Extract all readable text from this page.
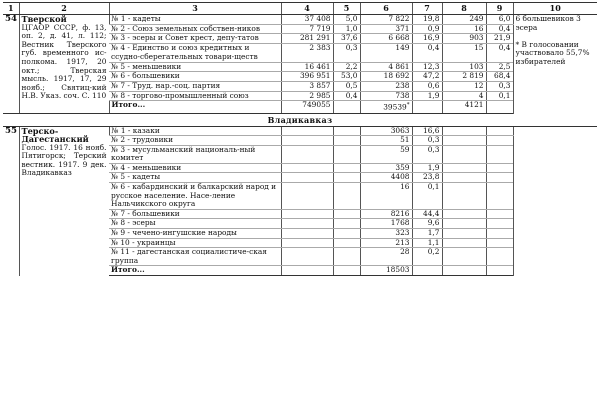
1	2	3	4	5	6	7	8	9	10
54	Тверской
ЦГАОР СССР, ф. 13, оп. 2, д. 41, л. 112; Вестник Тверского губ. временного ис-полкома. 1917, 20 окт.; Тверская мысль. 1917, 17, 29 нояб.; Святиц-кий Н.В. Указ. соч. С. 110	№ 1 - кадеты	37 408	5,0	7 822	19,8	249	6,0	6 большевиков 3 эсера

* В голосовании участвовало 55,7% избирателей
		№ 2 - Союз земельных собствен-ников	7 719	1,0	371	0,9	16	0,4	
		№ 3 - эсеры и Совет крест, депу-татов	281 291	37,6	6 668	16,9	903	21,9	
		№ 4 - Единство и союз кредитных и ссудно-сберегательных товари-ществ	2 383	0,3	149	0,4	15	0,4	
		№ 5 - меньшевики	16 461	2,2	4 861	12,3	103	2,5	
		№ 6 - большевики	396 951	53,0	18 692	47,2	2 819	68,4	
		№ 7 - Труд. нар.-соц. партия	3 857	0,5	238	0,6	12	0,3	
		№ 8 - торгово-промышленный союз	2 985	0,4	738	1,9	4	0,1	
		Итого...	749055		39539*		4121		
Владикавказ									
55	Терско-Дагестанский
Голос. 1917. 16 нояб. Пятигорск; Терский вестник. 1917. 9 дек. Владикавказ	№ 1 - казаки			3063	16,6			
		№ 2 - трудовики			51	0,3			
		№ 3 - мусульманский националь-ный комитет			59	0,3			
		№ 4 - меньшевики			359	1,9			
		№ 5 - кадеты			4408	23,8			
		№ 6 - кабардинский и балкарский народ и русское население. Насе-ление Нальчикского округа			16	0,1			
		№ 7 - большевики			8216	44,4			
		№ 8 - эсеры			1768	9,6			
		№ 9 - чечено-ингушские народы			323	1,7			
		№ 10 - украинцы			213	1,1			
		№ 11 - дагестанская социалистиче-ская группа			28	0,2			
		Итого...			18503				
